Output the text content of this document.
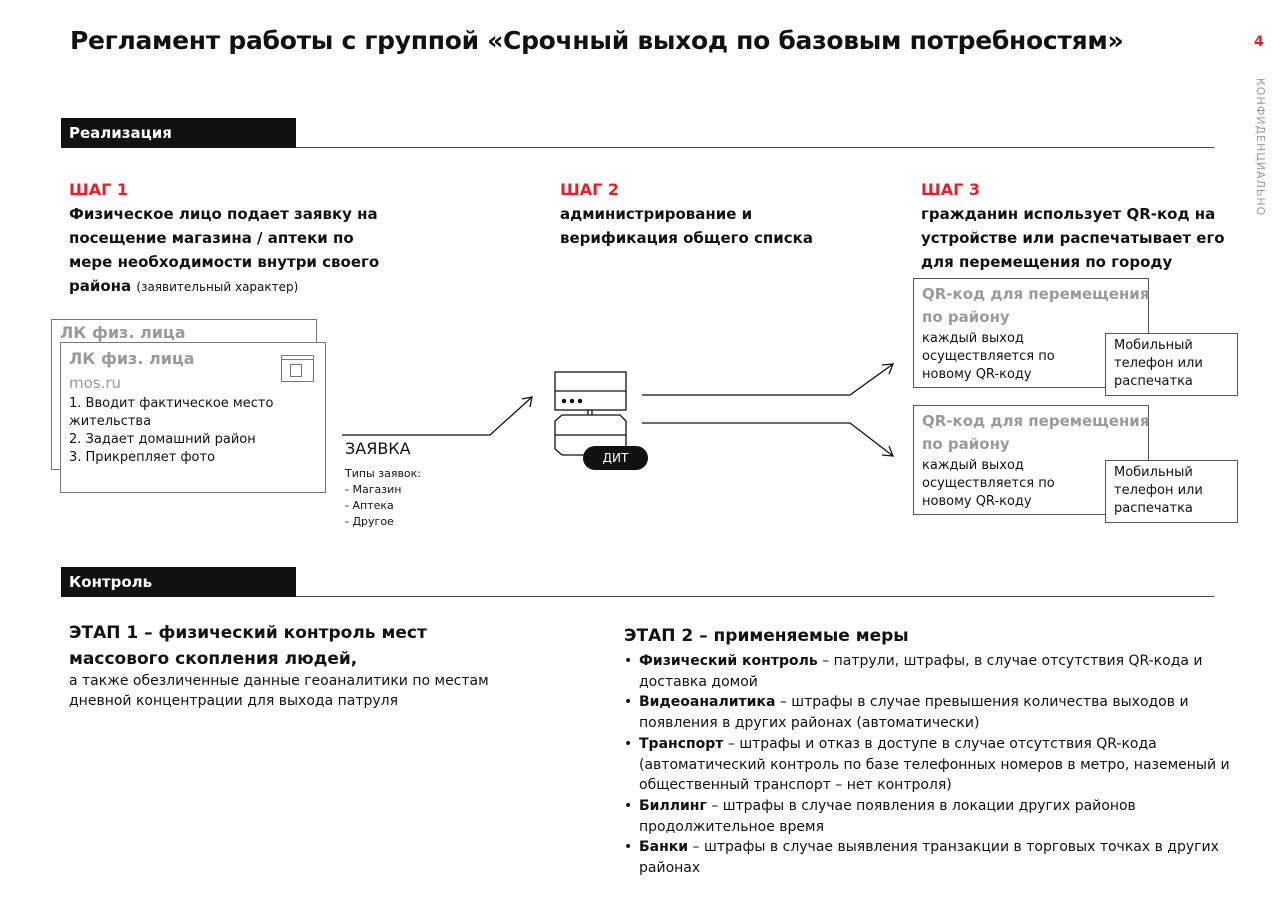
Регламент работы с группой «Срочный выход по базовым потребностям»	4
КОНФИДЕНЦИАЛЬНО
Реализация
ШАГ 1
Физическое лицо подает заявку на посещение магазина / аптеки по мере необходимости внутри своего района (заявительный характер)
ШАГ 2
администрирование и верификация общего списка
ШАГ 3
гражданин использует QR-код на устройстве или распечатывает его для перемещения по городу
ЛК физ. лица
ЛК физ. лица
mos.ru
1. Вводит фактическое место жительства
2. Задает домашний район
3. Прикрепляет фото	ЗАЯВКА
Типы заявок:
- Магазин
- Аптека
- Другое
ДИТ
QR-код для перемещения по району
каждый выход осуществляется по новому QR-коду
Мобильный телефон или распечатка
QR-код для перемещения по району
каждый выход осуществляется по новому QR-коду
Мобильный телефон или распечатка
Контроль
ЭТАП 1 – физический контроль мест массового скопления людей,
а также обезличенные данные геоаналитики по местам дневной концентрации для выхода патруля
ЭТАП 2 – применяемые меры
• Физический контроль – патрули, штрафы, в случае отсутствия QR-кода и доставка домой
• Видеоаналитика – штрафы в случае превышения количества выходов и появления в других районах (автоматически)
• Транспорт – штрафы и отказ в доступе в случае отсутствия QR-кода (автоматический контроль по базе телефонных номеров в метро, наземеный и общественный транспорт – нет контроля)
• Биллинг – штрафы в случае появления в локации других районов продолжительное время
• Банки – штрафы в случае выявления транзакции в торговых точках в других районах
